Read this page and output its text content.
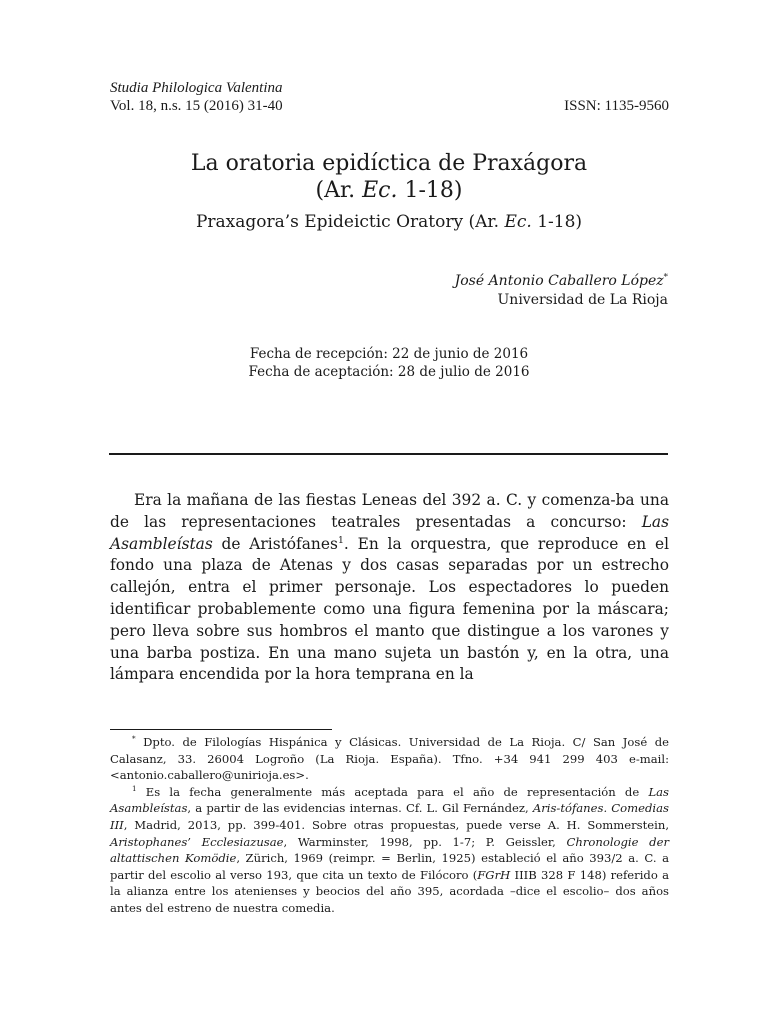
Studia Philologica Valentina
Vol. 18, n.s. 15 (2016) 31-40	ISSN: 1135-9560
La oratoria epidíctica de Praxágora
(Ar. Ec. 1-18)
Praxagora’s Epideictic Oratory (Ar. Ec. 1-18)
José Antonio Caballero López*
Universidad de La Rioja
Fecha de recepción: 22 de junio de 2016
Fecha de aceptación: 28 de julio de 2016

Era la mañana de las fiestas Leneas del 392 a. C. y comenza-ba una de las representaciones teatrales presentadas a concurso: Las Asambleístas de Aristófanes$^1$. En la orquestra, que reproduce en el fondo una plaza de Atenas y dos casas separadas por un estrecho callejón, entra el primer personaje. Los espectadores lo pueden identificar probablemente como una figura femenina por la máscara; pero lleva sobre sus hombros el manto que distingue a los varones y una barba postiza. En una mano sujeta un bastón y, en la otra, una lámpara encendida por la hora temprana en la

* Dpto. de Filologías Hispánica y Clásicas. Universidad de La Rioja. C/ San José de Calasanz, 33. 26004 Logroño (La Rioja. España). Tfno. +34 941 299 403 e-mail: <antonio.caballero@unirioja.es>.

$^1$ Es la fecha generalmente más aceptada para el año de representación de Las Asambleístas, a partir de las evidencias internas. Cf. L. Gil Fernández, Aris-tófanes. Comedias III, Madrid, 2013, pp. 399-401. Sobre otras propuestas, puede verse A. H. Sommerstein, Aristophanes’ Ecclesiazusae, Warminster, 1998, pp. 1-7; P. Geissler, Chronologie der altattischen Komödie, Zürich, 1969 (reimpr. = Berlin, 1925) estableció el año 393/2 a. C. a partir del escolio al verso 193, que cita un texto de Filócoro (FGrH IIIB 328 F 148) referido a la alianza entre los atenienses y beocios del año 395, acordada –dice el escolio– dos años antes del estreno de nuestra comedia.
